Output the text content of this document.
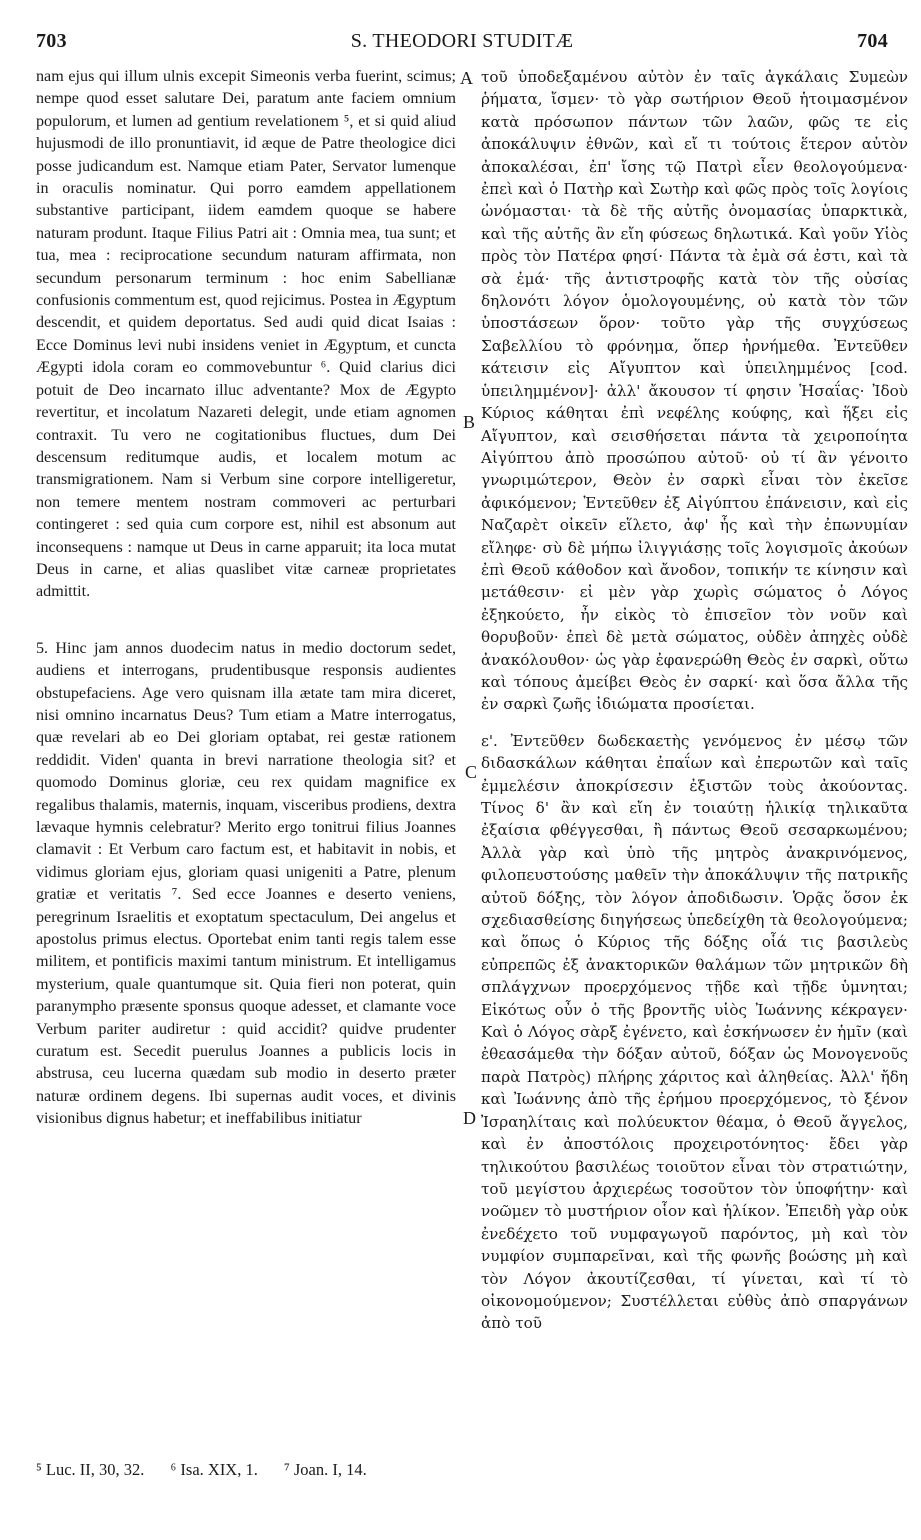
703	S. THEODORI STUDITÆ	704

nam ejus qui illum ulnis excepit Simeonis verba fuerint, scimus; nempe quod esset salutare Dei, paratum ante faciem omnium populorum, et lumen ad gentium revelationem ⁵, et si quid aliud hujusmodi de illo pronuntiavit, id æque de Patre theologice dici posse judicandum est. Namque etiam Pater, Servator lumenque in oraculis nominatur. Qui porro eamdem appellationem substantive participant, iidem eamdem quoque se habere naturam produnt. Itaque Filius Patri ait : Omnia mea, tua sunt; et tua, mea : reciprocatione secundum naturam affirmata, non secundum personarum terminum : hoc enim Sabellianæ confusionis commentum est, quod rejicimus. Postea in Ægyptum descendit, et quidem deportatus. Sed audi quid dicat Isaias : Ecce Dominus levi nubi insidens veniet in Ægyptum, et cuncta Ægypti idola coram eo commovebuntur ⁶. Quid clarius dici potuit de Deo incarnato illuc adventante? Mox de Ægypto revertitur, et incolatum Nazareti delegit, unde etiam agnomen contraxit. Tu vero ne cogitationibus fluctues, dum Dei descensum reditumque audis, et localem motum ac transmigrationem. Nam si Verbum sine corpore intelligeretur, non temere mentem nostram commoveri ac perturbari contingeret : sed quia cum corpore est, nihil est absonum aut inconsequens : namque ut Deus in carne apparuit; ita loca mutat Deus in carne, et alias quaslibet vitæ carneæ proprietates admittit.

5. Hinc jam annos duodecim natus in medio doctorum sedet, audiens et interrogans, prudentibusque responsis audientes obstupefaciens. Age vero quisnam illa ætate tam mira diceret, nisi omnino incarnatus Deus? Tum etiam a Matre interrogatus, quæ revelari ab eo Dei gloriam optabat, rei gestæ rationem reddidit. Viden' quanta in brevi narratione theologia sit? et quomodo Dominus gloriæ, ceu rex quidam magnifice ex regalibus thalamis, maternis, inquam, visceribus prodiens, dextra lævaque hymnis celebratur? Merito ergo tonitrui filius Joannes clamavit : Et Verbum caro factum est, et habitavit in nobis, et vidimus gloriam ejus, gloriam quasi unigeniti a Patre, plenum gratiæ et veritatis ⁷. Sed ecce Joannes e deserto veniens, peregrinum Israelitis et exoptatum spectaculum, Dei angelus et apostolus primus electus. Oportebat enim tanti regis talem esse militem, et pontificis maximi tantum ministrum. Et intelligamus mysterium, quale quantumque sit. Quia fieri non poterat, quin paranympho præsente sponsus quoque adesset, et clamante voce Verbum pariter audiretur : quid accidit? quidve prudenter curatum est. Secedit puerulus Joannes a publicis locis in abstrusa, ceu lucerna quædam sub modio in deserto præter naturæ ordinem degens. Ibi supernas audit voces, et divinis visionibus dignus habetur; et ineffabilibus initiatur

A
B
C
D

τοῦ ὑποδεξαμένου αὐτὸν ἐν ταῖς ἀγκάλαις Συμεὼν ῥήματα, ἴσμεν· τὸ γὰρ σωτήριον Θεοῦ ἡτοιμασμένον κατὰ πρόσωπον πάντων τῶν λαῶν, φῶς τε εἰς ἀποκάλυψιν ἐθνῶν, καὶ εἴ τι τούτοις ἕτερον αὐτὸν ἀποκαλέσαι, ἐπ' ἴσης τῷ Πατρὶ εἶεν θεολογούμενα· ἐπεὶ καὶ ὁ Πατὴρ καὶ Σωτὴρ καὶ φῶς πρὸς τοῖς λογίοις ὠνόμασται· τὰ δὲ τῆς αὐτῆς ὀνομασίας ὑπαρκτικὰ, καὶ τῆς αὐτῆς ἂν εἴη φύσεως δηλωτικά. Καὶ γοῦν Υἱὸς πρὸς τὸν Πατέρα φησί· Πάντα τὰ ἐμὰ σά ἐστι, καὶ τὰ σὰ ἐμά· τῆς ἀντιστροφῆς κατὰ τὸν τῆς οὐσίας δηλονότι λόγον ὁμολογουμένης, οὐ κατὰ τὸν τῶν ὑποστάσεων ὅρον· τοῦτο γὰρ τῆς συγχύσεως Σαβελλίου τὸ φρόνημα, ὅπερ ἠρνήμεθα. Ἐντεῦθεν κάτεισιν εἰς Αἴγυπτον καὶ ὑπειλημμένος [cod. ὑπειλημμένον]· ἀλλ' ἄκουσον τί φησιν Ἡσαΐας· Ἰδοὺ Κύριος κάθηται ἐπὶ νεφέλης κούφης, καὶ ἥξει εἰς Αἴγυπτον, καὶ σεισθήσεται πάντα τὰ χειροποίητα Αἰγύπτου ἀπὸ προσώπου αὐτοῦ· οὐ τί ἂν γένοιτο γνωριμώτερον, Θεὸν ἐν σαρκὶ εἶναι τὸν ἐκεῖσε ἀφικόμενον; Ἐντεῦθεν ἐξ Αἰγύπτου ἐπάνεισιν, καὶ εἰς Ναζαρὲτ οἰκεῖν εἵλετο, ἀφ' ἧς καὶ τὴν ἐπωνυμίαν εἴληφε· σὺ δὲ μήπω ἰλιγγιάσῃς τοῖς λογισμοῖς ἀκούων ἐπὶ Θεοῦ κάθοδον καὶ ἄνοδον, τοπικήν τε κίνησιν καὶ μετάθεσιν· εἰ μὲν γὰρ χωρὶς σώματος ὁ Λόγος ἐξηκούετο, ἦν εἰκὸς τὸ ἐπισεῖον τὸν νοῦν καὶ θορυβοῦν· ἐπεὶ δὲ μετὰ σώματος, οὐδὲν ἀπηχὲς οὐδὲ ἀνακόλουθον· ὡς γὰρ ἐφανερώθη Θεὸς ἐν σαρκὶ, οὕτω καὶ τόπους ἀμείβει Θεὸς ἐν σαρκί· καὶ ὅσα ἄλλα τῆς ἐν σαρκὶ ζωῆς ἰδιώματα προσίεται.

ε'. Ἐντεῦθεν δωδεκαετὴς γενόμενος ἐν μέσῳ τῶν διδασκάλων κάθηται ἐπαΐων καὶ ἐπερωτῶν καὶ ταῖς ἐμμελέσιν ἀποκρίσεσιν ἐξιστῶν τοὺς ἀκούοντας. Τίνος δ' ἂν καὶ εἴη ἐν τοιαύτῃ ἡλικίᾳ τηλικαῦτα ἐξαίσια φθέγγεσθαι, ἢ πάντως Θεοῦ σεσαρκωμένου; Ἀλλὰ γὰρ καὶ ὑπὸ τῆς μητρὸς ἀνακρινόμενος, φιλοπευστούσης μαθεῖν τὴν ἀποκάλυψιν τῆς πατρικῆς αὐτοῦ δόξης, τὸν λόγον ἀποδιδωσιν. Ὁρᾷς ὅσον ἐκ σχεδιασθείσης διηγήσεως ὑπεδείχθη τὰ θεολογούμενα; καὶ ὅπως ὁ Κύριος τῆς δόξης οἷά τις βασιλεὺς εὐπρεπῶς ἐξ ἀνακτορικῶν θαλάμων τῶν μητρικῶν δὴ σπλάγχνων προερχόμενος τῇδε καὶ τῇδε ὑμνηται; Εἰκότως οὖν ὁ τῆς βροντῆς υἱὸς Ἰωάννης κέκραγεν· Καὶ ὁ Λόγος σὰρξ ἐγένετο, καὶ ἐσκήνωσεν ἐν ἡμῖν (καὶ ἐθεασάμεθα τὴν δόξαν αὐτοῦ, δόξαν ὡς Μονογενοῦς παρὰ Πατρὸς) πλήρης χάριτος καὶ ἀληθείας. Ἀλλ' ἤδη καὶ Ἰωάννης ἀπὸ τῆς ἐρήμου προερχόμενος, τὸ ξένον Ἰσραηλίταις καὶ πολύευκτον θέαμα, ὁ Θεοῦ ἄγγελος, καὶ ἐν ἀποστόλοις προχειροτόνητος· ἔδει γὰρ τηλικούτου βασιλέως τοιοῦτον εἶναι τὸν στρατιώτην, τοῦ μεγίστου ἀρχιερέως τοσοῦτον τὸν ὑποφήτην· καὶ νοῶμεν τὸ μυστήριον οἷον καὶ ἡλίκον. Ἐπειδὴ γὰρ οὐκ ἐνεδέχετο τοῦ νυμφαγωγοῦ παρόντος, μὴ καὶ τὸν νυμφίον συμπαρεῖναι, καὶ τῆς φωνῆς βοώσης μὴ καὶ τὸν Λόγον ἀκουτίζεσθαι, τί γίνεται, καὶ τί τὸ οἰκονομούμενον; Συστέλλεται εὐθὺς ἀπὸ σπαργάνων ἀπὸ τοῦ

⁵ Luc. II, 30, 32. ⁶ Isa. XIX, 1. ⁷ Joan. I, 14.
